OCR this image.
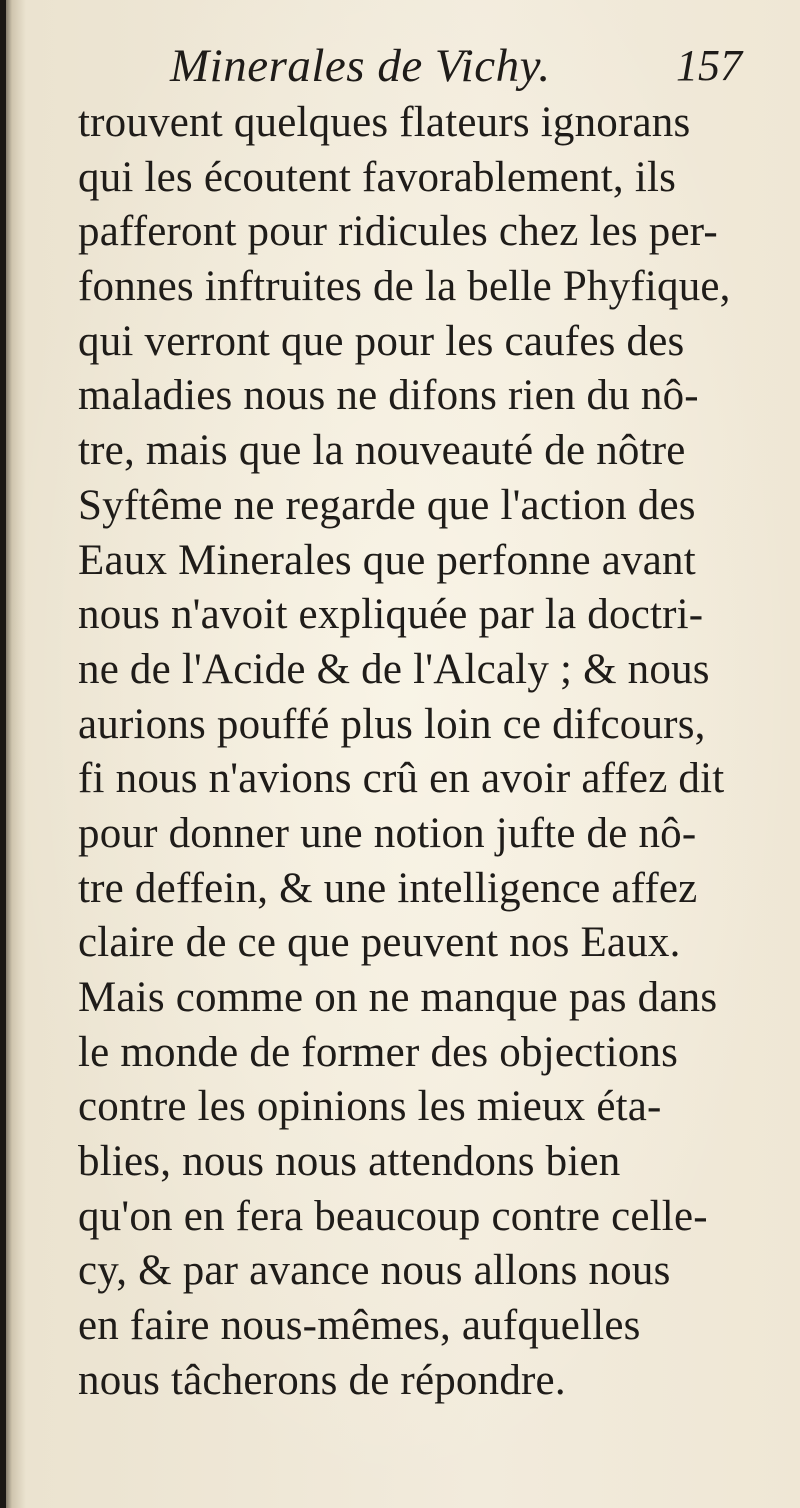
Minerales de Vichy.	157
trouvent quelques flateurs ignorans
qui les écoutent favorablement, ils
pafferont pour ridicules chez les per-
fonnes inftruites de la belle Phyfique,
qui verront que pour les caufes des
maladies nous ne difons rien du nô-
tre, mais que la nouveauté de nôtre
Syftême ne regarde que l'action des
Eaux Minerales que perfonne avant
nous n'avoit expliquée par la doctri-
ne de l'Acide & de l'Alcaly ; & nous
aurions pouffé plus loin ce difcours,
fi nous n'avions crû en avoir affez dit
pour donner une notion jufte de nô-
tre deffein, & une intelligence affez
claire de ce que peuvent nos Eaux.
Mais comme on ne manque pas dans
le monde de former des objections
contre les opinions les mieux éta-
blies, nous nous attendons bien
qu'on en fera beaucoup contre celle-
cy, & par avance nous allons nous
en faire nous-mêmes, aufquelles
nous tâcherons de répondre.
